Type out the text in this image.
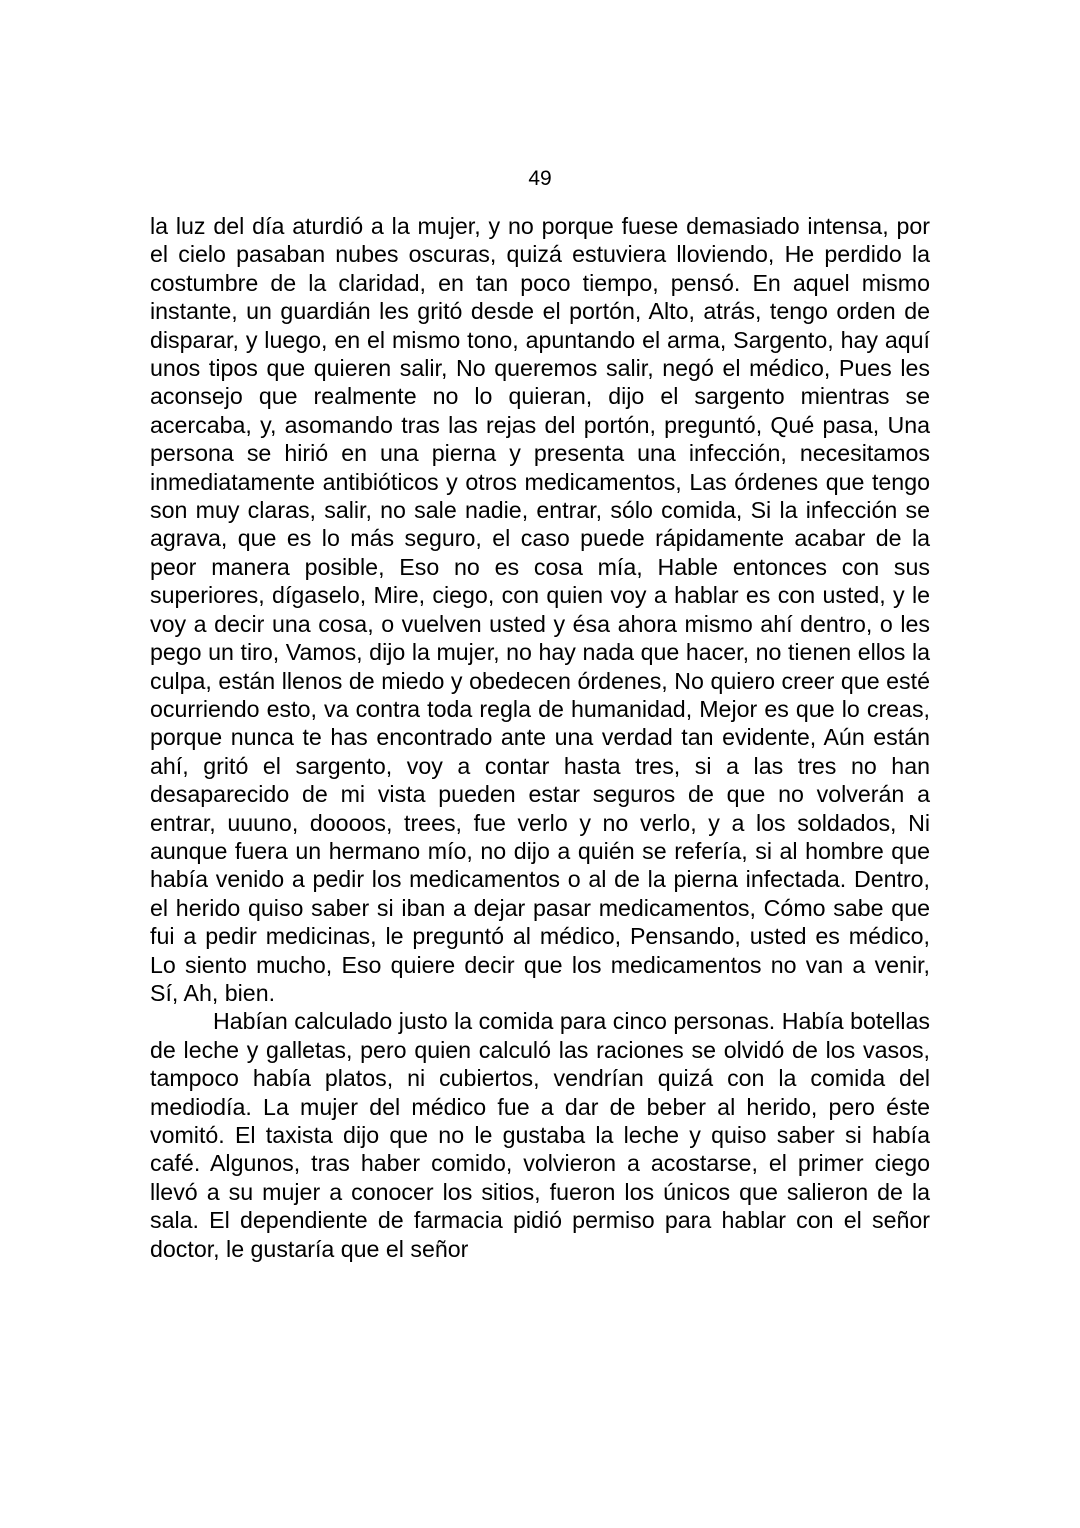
49

la luz del día aturdió a la mujer, y no porque fuese demasiado intensa, por el cielo pasaban nubes oscuras, quizá estuviera lloviendo, He perdido la costumbre de la claridad, en tan poco tiempo, pensó. En aquel mismo instante, un guardián les gritó desde el portón, Alto, atrás, tengo orden de disparar, y luego, en el mismo tono, apuntando el arma, Sargento, hay aquí unos tipos que quieren salir, No queremos salir, negó el médico, Pues les aconsejo que realmente no lo quieran, dijo el sargento mientras se acercaba, y, asomando tras las rejas del portón, preguntó, Qué pasa, Una persona se hirió en una pierna y presenta una infección, necesitamos inmediatamente antibióticos y otros medicamentos, Las órdenes que tengo son muy claras, salir, no sale nadie, entrar, sólo comida, Si la infección se agrava, que es lo más seguro, el caso puede rápidamente acabar de la peor manera posible, Eso no es cosa mía, Hable entonces con sus superiores, dígaselo, Mire, ciego, con quien voy a hablar es con usted, y le voy a decir una cosa, o vuelven usted y ésa ahora mismo ahí dentro, o les pego un tiro, Vamos, dijo la mujer, no hay nada que hacer, no tienen ellos la culpa, están llenos de miedo y obedecen órdenes, No quiero creer que esté ocurriendo esto, va contra toda regla de humanidad, Mejor es que lo creas, porque nunca te has encontrado ante una verdad tan evidente, Aún están ahí, gritó el sargento, voy a contar hasta tres, si a las tres no han desaparecido de mi vista pueden estar seguros de que no volverán a entrar, uuuno, doooos, trees, fue verlo y no verlo, y a los soldados, Ni aunque fuera un hermano mío, no dijo a quién se refería, si al hombre que había venido a pedir los medicamentos o al de la pierna infectada. Dentro, el herido quiso saber si iban a dejar pasar medicamentos, Cómo sabe que fui a pedir medicinas, le preguntó al médico, Pensando, usted es médico, Lo siento mucho, Eso quiere decir que los medicamentos no van a venir, Sí, Ah, bien.

Habían calculado justo la comida para cinco personas. Había botellas de leche y galletas, pero quien calculó las raciones se olvidó de los vasos, tampoco había platos, ni cubiertos, vendrían quizá con la comida del mediodía. La mujer del médico fue a dar de beber al herido, pero éste vomitó. El taxista dijo que no le gustaba la leche y quiso saber si había café. Algunos, tras haber comido, volvieron a acostarse, el primer ciego llevó a su mujer a conocer los sitios, fueron los únicos que salieron de la sala. El dependiente de farmacia pidió permiso para hablar con el señor doctor, le gustaría que el señor
